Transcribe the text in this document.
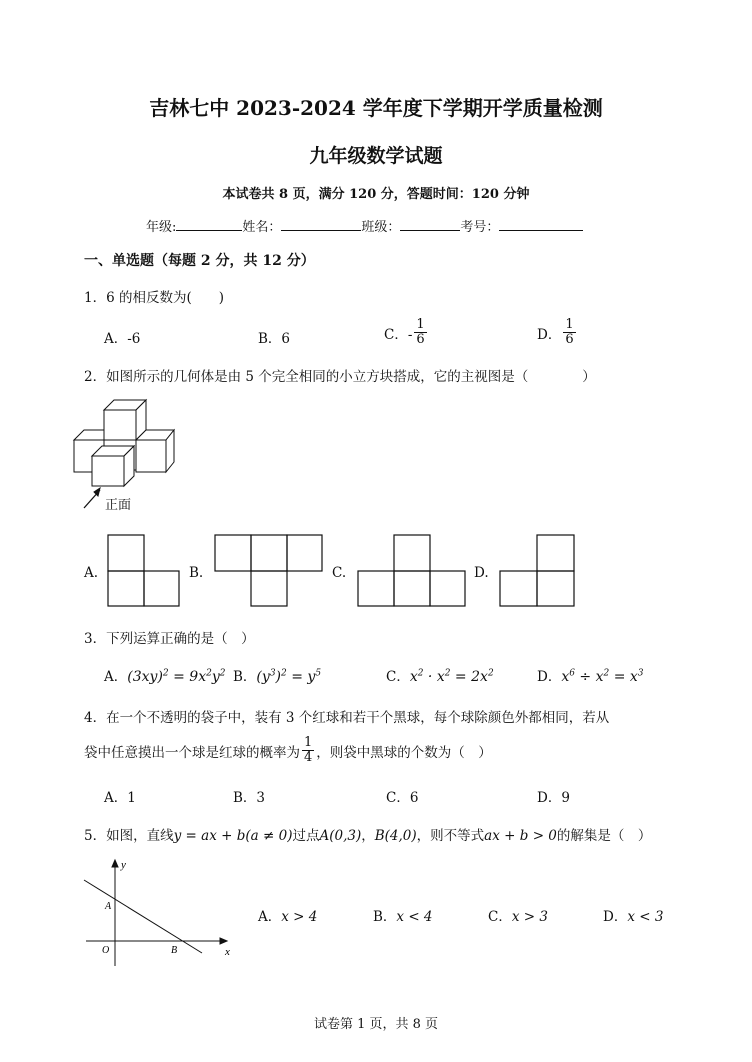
吉林七中 2023-2024 学年度下学期开学质量检测
九年级数学试题
本试卷共 8 页，满分 120 分，答题时间：120 分钟
年级:	姓名：	班级：	考号：
一、单选题（每题 2 分，共 12 分）
1．6 的相反数为(　　)
A．-6	B．6	C．- $\frac{1}{6}$	D． $\frac{1}{6}$
2．如图所示的几何体是由 5 个完全相同的小立方块搭成，它的主视图是（　　　　）
正面
A.	B.	C.	D.
3．下列运算正确的是（　）
A．$(3xy)^2 = 9x^2y^2$ B．$(y^3)^2 = y^5$	C．$x^2 \cdot x^2 = 2x^2$	D．$x^6 \div x^2 = x^3$
4．在一个不透明的袋子中，装有 3 个红球和若干个黑球，每个球除颜色外都相同，若从
袋中任意摸出一个球是红球的概率为 $\frac{1}{4}$ ，则袋中黑球的个数为（　）
A．1	B．3	C．6	D．9
5．如图，直线y = ax + b(a ≠ 0)过点A(0,3)，B(4,0)，则不等式ax + b > 0的解集是（　）
y
x
A
B
O
A．x > 4	B．x < 4	C．x > 3	D．x < 3
试卷第 1 页，共 8 页
